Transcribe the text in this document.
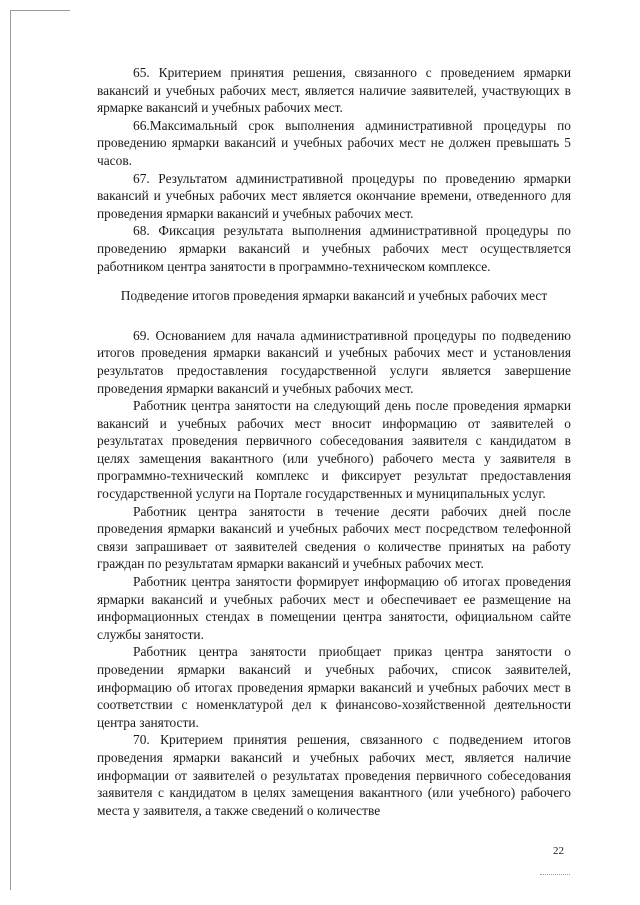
65. Критерием принятия решения, связанного с проведением ярмарки вакансий и учебных рабочих мест, является наличие заявителей, участвующих в ярмарке вакансий и учебных рабочих мест.

66.Максимальный срок выполнения административной процедуры по проведению ярмарки вакансий и учебных рабочих мест не должен превышать 5 часов.

67. Результатом административной процедуры по проведению ярмарки вакансий и учебных рабочих мест является окончание времени, отведенного для проведения ярмарки вакансий и учебных рабочих мест.

68. Фиксация результата выполнения административной процедуры по проведению ярмарки вакансий и учебных рабочих мест осуществляется работником центра занятости в программно-техническом комплексе.

Подведение итогов проведения ярмарки вакансий и учебных рабочих мест

69. Основанием для начала административной процедуры по подведению итогов проведения ярмарки вакансий и учебных рабочих мест и установления результатов предоставления государственной услуги является завершение проведения ярмарки вакансий и учебных рабочих мест.

Работник центра занятости на следующий день после проведения ярмарки вакансий и учебных рабочих мест вносит информацию от заявителей о результатах проведения первичного собеседования заявителя с кандидатом в целях замещения вакантного (или учебного) рабочего места у заявителя в программно-технический комплекс и фиксирует результат предоставления государственной услуги на Портале государственных и муниципальных услуг.

Работник центра занятости в течение десяти рабочих дней после проведения ярмарки вакансий и учебных рабочих мест посредством телефонной связи запрашивает от заявителей сведения о количестве принятых на работу граждан по результатам ярмарки вакансий и учебных рабочих мест.

Работник центра занятости формирует информацию об итогах проведения ярмарки вакансий и учебных рабочих мест и обеспечивает ее размещение на информационных стендах в помещении центра занятости, официальном сайте службы занятости.

Работник центра занятости приобщает приказ центра занятости о проведении ярмарки вакансий и учебных рабочих, список заявителей, информацию об итогах проведения ярмарки вакансий и учебных рабочих мест в соответствии с номенклатурой дел к финансово-хозяйственной деятельности центра занятости.

70. Критерием принятия решения, связанного с подведением итогов проведения ярмарки вакансий и учебных рабочих мест, является наличие информации от заявителей о результатах проведения первичного собеседования заявителя с кандидатом в целях замещения вакантного (или учебного) рабочего места у заявителя, а также сведений о количестве

22
